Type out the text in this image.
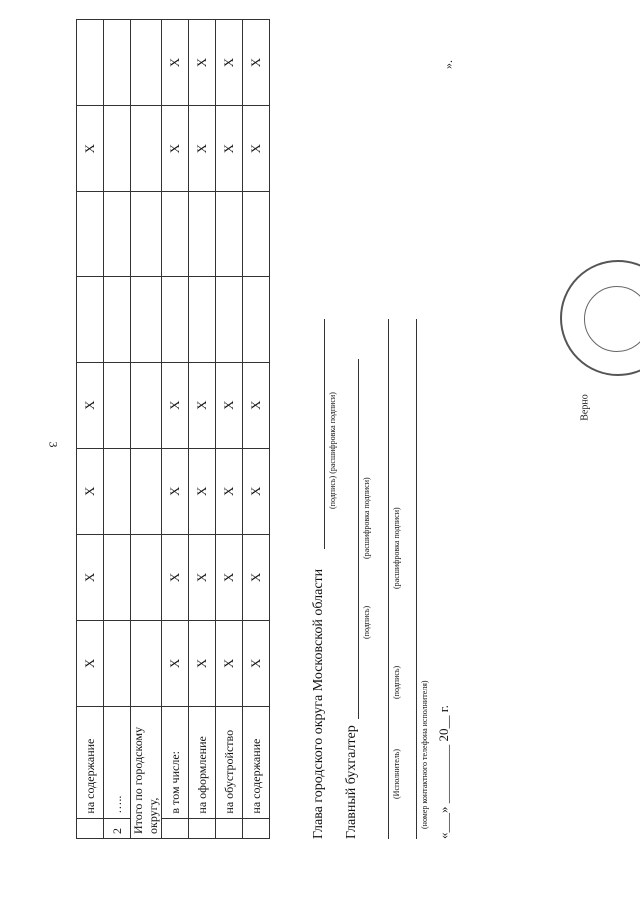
3
	на содержание	Х	Х	Х	Х			Х	
2	…..								
Итого по городскому округу,									
	в том числе:	Х	Х	Х	Х			Х	Х
	на оформление	Х	Х	Х	Х			Х	Х
	на обустройство	Х	Х	Х	Х			Х	Х
	на содержание	Х	Х	Х	Х			Х	Х
Глава городского округа Московской области
(подпись) (расшифровка подписи)
Главный бухгалтер
(подпись)
(расшифровка подписи)
(Исполнитель)
(подпись)
(расшифровка подписи)
(номер контактного телефона исполнителя) «___» _________ 20__ г.
».
Верно
